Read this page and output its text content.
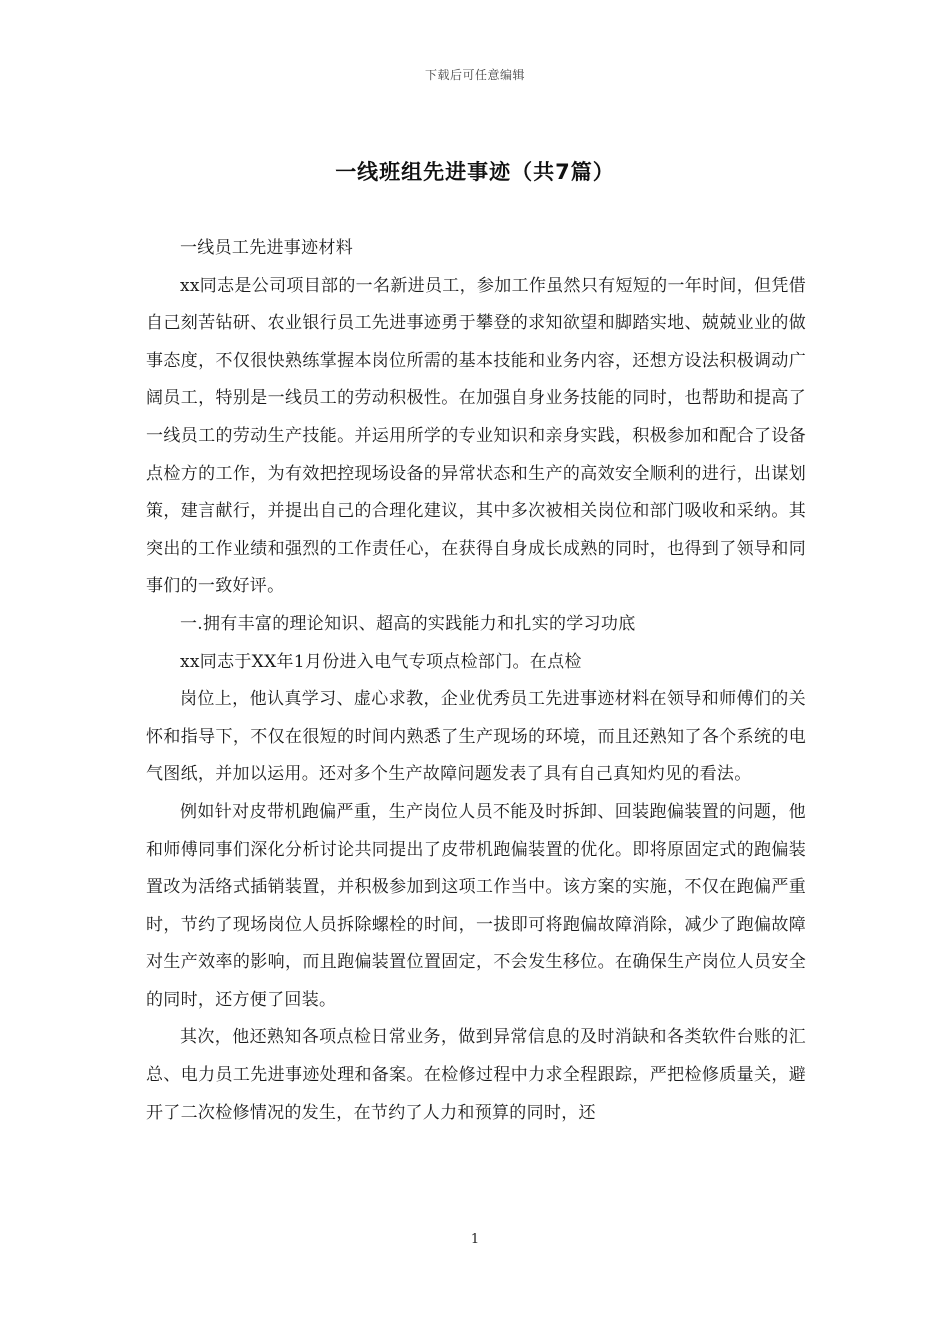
下载后可任意编辑
一线班组先进事迹（共7篇）

一线员工先进事迹材料

xx同志是公司项目部的一名新进员工，参加工作虽然只有短短的一年时间，但凭借自己刻苦钻研、农业银行员工先进事迹勇于攀登的求知欲望和脚踏实地、兢兢业业的做事态度，不仅很快熟练掌握本岗位所需的基本技能和业务内容，还想方设法积极调动广阔员工，特别是一线员工的劳动积极性。在加强自身业务技能的同时，也帮助和提高了一线员工的劳动生产技能。并运用所学的专业知识和亲身实践，积极参加和配合了设备点检方的工作，为有效把控现场设备的异常状态和生产的高效安全顺利的进行，出谋划策，建言献行，并提出自己的合理化建议，其中多次被相关岗位和部门吸收和采纳。其突出的工作业绩和强烈的工作责任心，在获得自身成长成熟的同时，也得到了领导和同事们的一致好评。

一.拥有丰富的理论知识、超高的实践能力和扎实的学习功底

xx同志于XX年1月份进入电气专项点检部门。在点检

岗位上，他认真学习、虚心求教，企业优秀员工先进事迹材料在领导和师傅们的关怀和指导下，不仅在很短的时间内熟悉了生产现场的环境，而且还熟知了各个系统的电气图纸，并加以运用。还对多个生产故障问题发表了具有自己真知灼见的看法。

例如针对皮带机跑偏严重，生产岗位人员不能及时拆卸、回装跑偏装置的问题，他和师傅同事们深化分析讨论共同提出了皮带机跑偏装置的优化。即将原固定式的跑偏装置改为活络式插销装置，并积极参加到这项工作当中。该方案的实施，不仅在跑偏严重时，节约了现场岗位人员拆除螺栓的时间，一拔即可将跑偏故障消除，减少了跑偏故障对生产效率的影响，而且跑偏装置位置固定，不会发生移位。在确保生产岗位人员安全的同时，还方便了回装。

其次，他还熟知各项点检日常业务，做到异常信息的及时消缺和各类软件台账的汇总、电力员工先进事迹处理和备案。在检修过程中力求全程跟踪，严把检修质量关，避开了二次检修情况的发生，在节约了人力和预算的同时，还

1
